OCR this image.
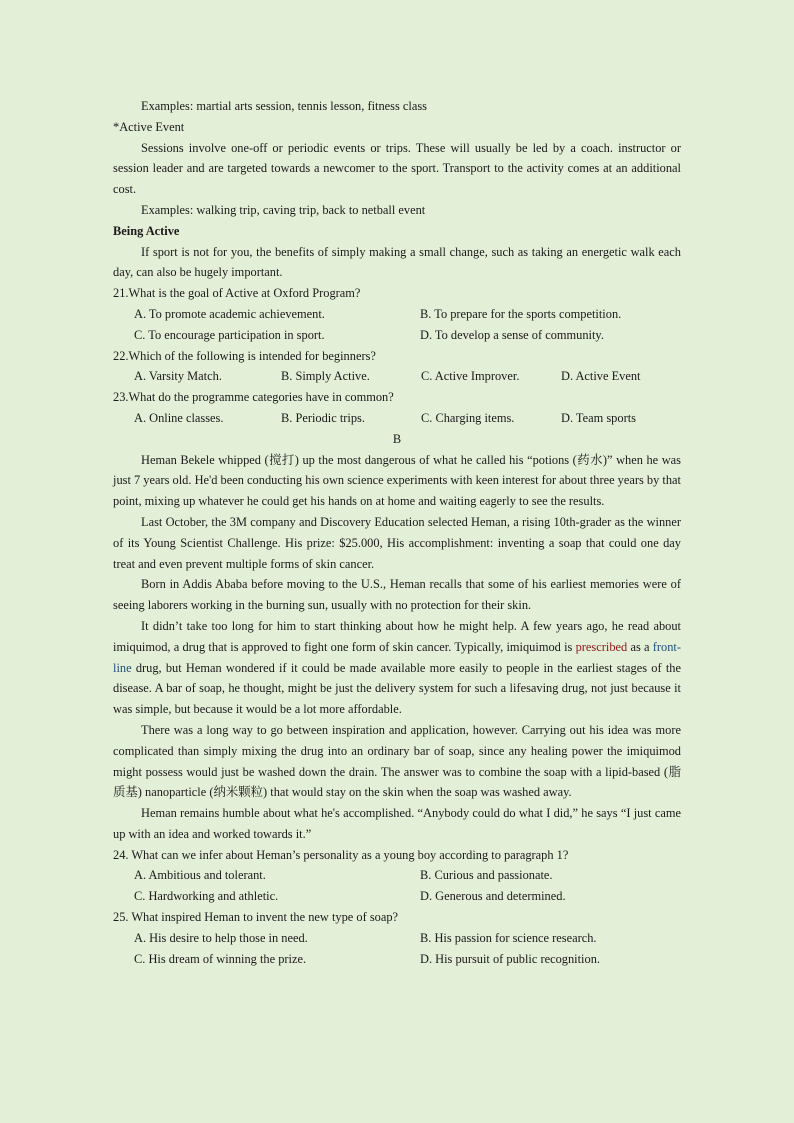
Examples: martial arts session, tennis lesson, fitness class

*Active Event

Sessions involve one-off or periodic events or trips. These will usually be led by a coach. instructor or session leader and are targeted towards a newcomer to the sport. Transport to the activity comes at an additional cost.

Examples: walking trip, caving trip, back to netball event

Being Active

If sport is not for you, the benefits of simply making a small change, such as taking an energetic walk each day, can also be hugely important.

21.What is the goal of Active at Oxford Program?

A. To promote academic achievement.	B. To prepare for the sports competition.
C. To encourage participation in sport.	D. To develop a sense of community.

22.Which of the following is intended for beginners?

A. Varsity Match.	B. Simply Active.	C. Active Improver.	D. Active Event

23.What do the programme categories have in common?

A. Online classes.	B. Periodic trips.	C. Charging items.	D. Team sports

B

Heman Bekele whipped (搅打) up the most dangerous of what he called his “potions (药水)” when he was just 7 years old. He'd been conducting his own science experiments with keen interest for about three years by that point, mixing up whatever he could get his hands on at home and waiting eagerly to see the results.

Last October, the 3M company and Discovery Education selected Heman, a rising 10th-grader as the winner of its Young Scientist Challenge. His prize: $25.000, His accomplishment: inventing a soap that could one day treat and even prevent multiple forms of skin cancer.

Born in Addis Ababa before moving to the U.S., Heman recalls that some of his earliest memories were of seeing laborers working in the burning sun, usually with no protection for their skin.

It didn’t take too long for him to start thinking about how he might help. A few years ago, he read about imiquimod, a drug that is approved to fight one form of skin cancer. Typically, imiquimod is prescribed as a front-line drug, but Heman wondered if it could be made available more easily to people in the earliest stages of the disease. A bar of soap, he thought, might be just the delivery system for such a lifesaving drug, not just because it was simple, but because it would be a lot more affordable.

There was a long way to go between inspiration and application, however. Carrying out his idea was more complicated than simply mixing the drug into an ordinary bar of soap, since any healing power the imiquimod might possess would just be washed down the drain. The answer was to combine the soap with a lipid-based (脂质基) nanoparticle (纳米颗粒) that would stay on the skin when the soap was washed away.

Heman remains humble about what he's accomplished. “Anybody could do what I did,” he says “I just came up with an idea and worked towards it.”

24. What can we infer about Heman’s personality as a young boy according to paragraph 1?

A. Ambitious and tolerant.	B. Curious and passionate.
C. Hardworking and athletic.	D. Generous and determined.

25. What inspired Heman to invent the new type of soap?

A. His desire to help those in need.	B. His passion for science research.
C. His dream of winning the prize.	D. His pursuit of public recognition.
